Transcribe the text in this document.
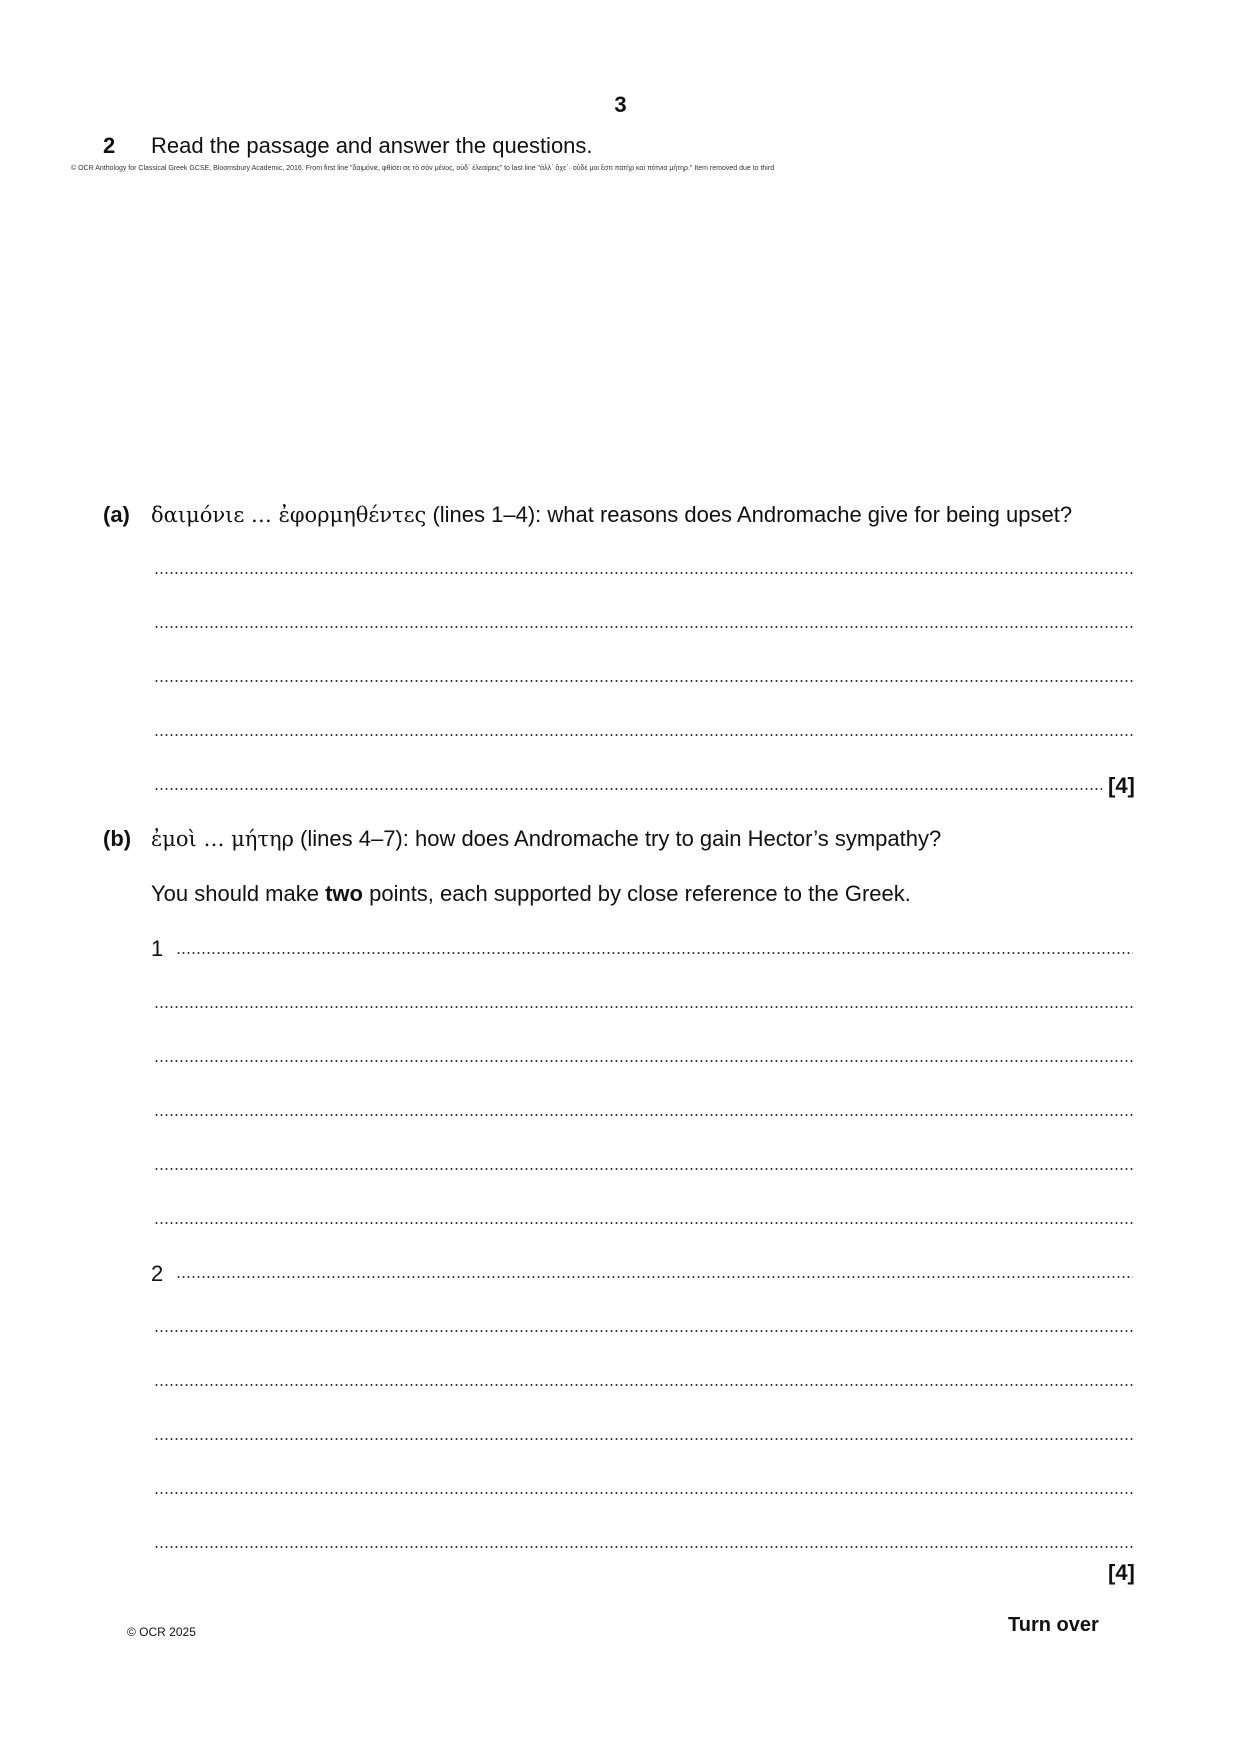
3
2 Read the passage and answer the questions.
© OCR Anthology for Classical Greek GCSE, Bloomsbury Academic, 2016. From first line "δαιμόνιε, φθίσει σε τὸ σὸν μένος, οὐδ᾽ ἐλεαίρεις" to last line "ἀλλ᾽ ἄχε᾽· οὐδέ μοι ἔστι πατὴρ καὶ πότνια μήτηρ." Item removed due to third
(a) δαιμόνιε … ἐφορμηθέντες (lines 1–4): what reasons does Andromache give for being upset?
[4]
(b) ἐμοὶ … μήτηρ (lines 4–7): how does Andromache try to gain Hector’s sympathy?
You should make two points, each supported by close reference to the Greek.
1
2
[4]
© OCR 2025	Turn over
